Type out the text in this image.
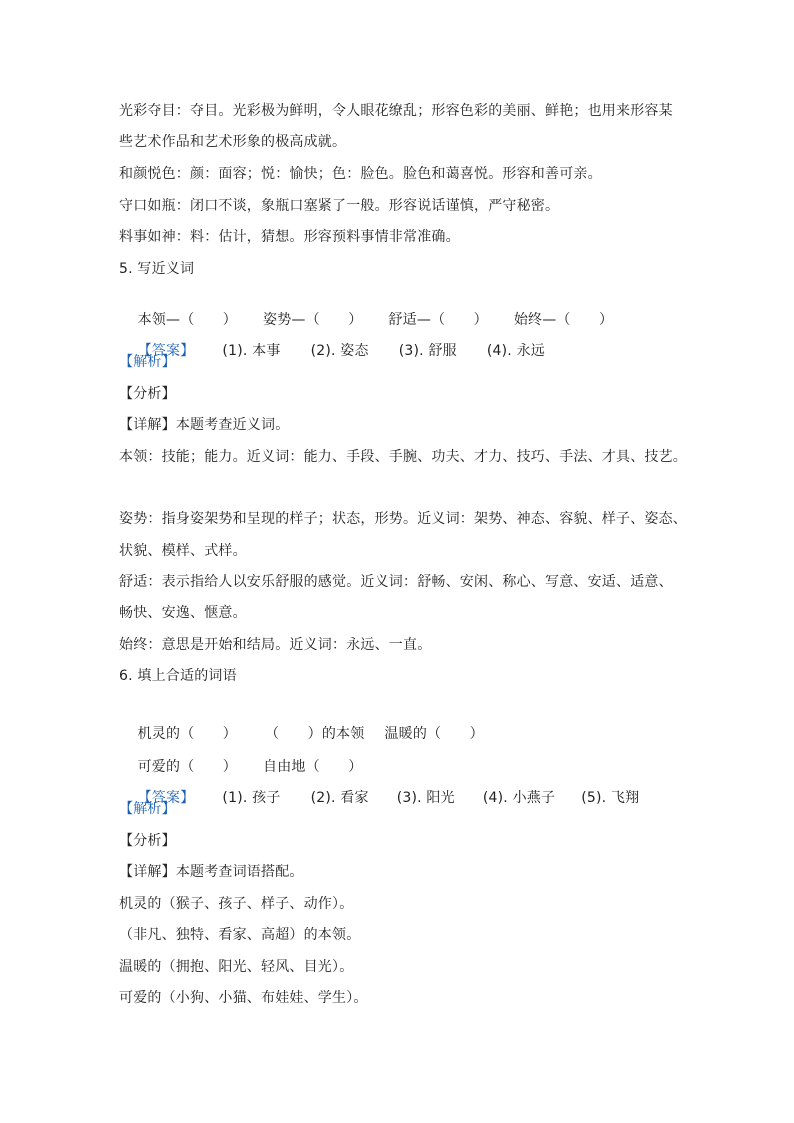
光彩夺目：夺目。光彩极为鲜明，令人眼花缭乱；形容色彩的美丽、鲜艳；也用来形容某
些艺术作品和艺术形象的极高成就。
和颜悦色：颜：面容；悦：愉快；色：脸色。脸色和蔼喜悦。形容和善可亲。
守口如瓶：闭口不谈，象瓶口塞紧了一般。形容说话谨慎，严守秘密。
料事如神：料：估计，猜想。形容预料事情非常准确。
5. 写近义词

本领—（　　） 姿势—（　　） 舒适—（　　） 始终—（　　）

【答案】 (1). 本事 (2). 姿态 (3). 舒服 (4). 永远

【解析】
【分析】
【详解】本题考查近义词。
本领：技能；能力。近义词：能力、手段、手腕、功夫、才力、技巧、手法、才具、技艺。
姿势：指身姿架势和呈现的样子；状态，形势。近义词：架势、神态、容貌、样子、姿态、
状貌、模样、式样。
舒适：表示指给人以安乐舒服的感觉。近义词：舒畅、安闲、称心、写意、安适、适意、
畅快、安逸、惬意。
始终：意思是开始和结局。近义词：永远、一直。
6. 填上合适的词语

机灵的（　　） （　　）的本领 温暖的（　　）

可爱的（　　） 自由地（　　）

【答案】 (1). 孩子 (2). 看家 (3). 阳光 (4). 小燕子 (5). 飞翔

【解析】
【分析】
【详解】本题考查词语搭配。
机灵的（猴子、孩子、样子、动作）。
（非凡、独特、看家、高超）的本领。
温暖的（拥抱、阳光、轻风、目光）。
可爱的（小狗、小猫、布娃娃、学生）。
